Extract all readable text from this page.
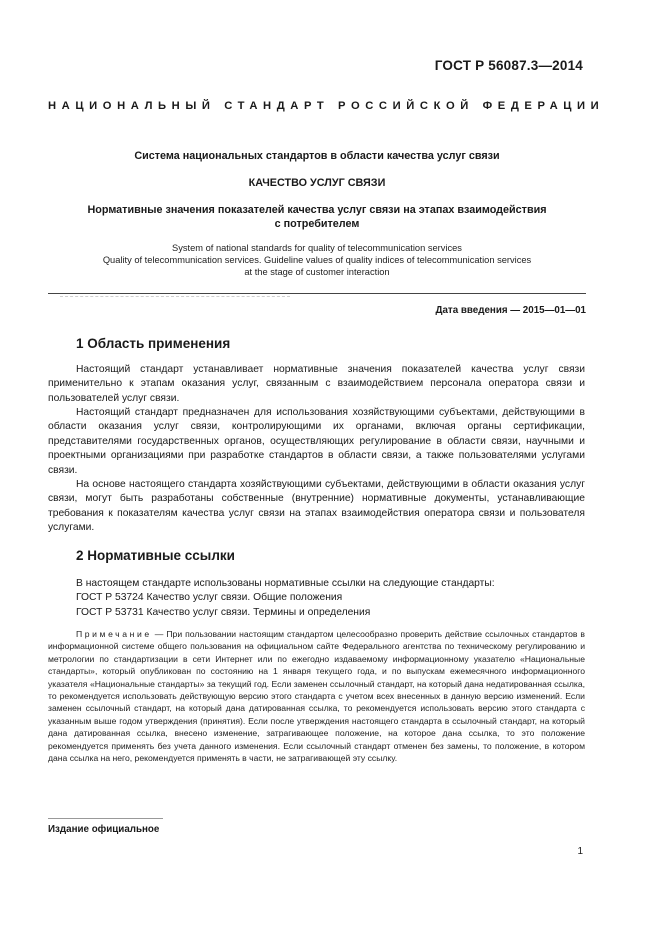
ГОСТ Р 56087.3—2014
НАЦИОНАЛЬНЫЙ СТАНДАРТ РОССИЙСКОЙ ФЕДЕРАЦИИ
Система национальных стандартов в области качества услуг связи
КАЧЕСТВО УСЛУГ СВЯЗИ
Нормативные значения показателей качества услуг связи на этапах взаимодействия
с потребителем
System of national standards for quality of telecommunication services
Quality of telecommunication services. Guideline values of quality indices of telecommunication services
at the stage of customer interaction
Дата введения — 2015—01—01
1 Область применения

Настоящий стандарт устанавливает нормативные значения показателей качества услуг связи применительно к этапам оказания услуг, связанным с взаимодействием персонала оператора связи и пользователей услуг связи.

Настоящий стандарт предназначен для использования хозяйствующими субъектами, действующими в области оказания услуг связи, контролирующими их органами, включая органы сертификации, представителями государственных органов, осуществляющих регулирование в области связи, научными и проектными организациями при разработке стандартов в области связи, а также пользователями услугами связи.

На основе настоящего стандарта хозяйствующими субъектами, действующими в области оказания услуг связи, могут быть разработаны собственные (внутренние) нормативные документы, устанавливающие требования к показателям качества услуг связи на этапах взаимодействия оператора связи и пользователя услугами.

2 Нормативные ссылки
В настоящем стандарте использованы нормативные ссылки на следующие стандарты:
ГОСТ Р 53724 Качество услуг связи. Общие положения
ГОСТ Р 53731 Качество услуг связи. Термины и определения

Примечание — При пользовании настоящим стандартом целесообразно проверить действие ссылочных стандартов в информационной системе общего пользования на официальном сайте Федерального агентства по техническому регулированию и метрологии по стандартизации в сети Интернет или по ежегодно издаваемому информационному указателю «Национальные стандарты», который опубликован по состоянию на 1 января текущего года, и по выпускам ежемесячного информационного указателя «Национальные стандарты» за текущий год. Если заменен ссылочный стандарт, на который дана недатированная ссылка, то рекомендуется использовать действующую версию этого стандарта с учетом всех внесенных в данную версию изменений. Если заменен ссылочный стандарт, на который дана датированная ссылка, то рекомендуется использовать версию этого стандарта с указанным выше годом утверждения (принятия). Если после утверждения настоящего стандарта в ссылочный стандарт, на который дана датированная ссылка, внесено изменение, затрагивающее положение, на которое дана ссылка, то это положение рекомендуется применять без учета данного изменения. Если ссылочный стандарт отменен без замены, то положение, в котором дана ссылка на него, рекомендуется применять в части, не затрагивающей эту ссылку.

Издание официальное
1
